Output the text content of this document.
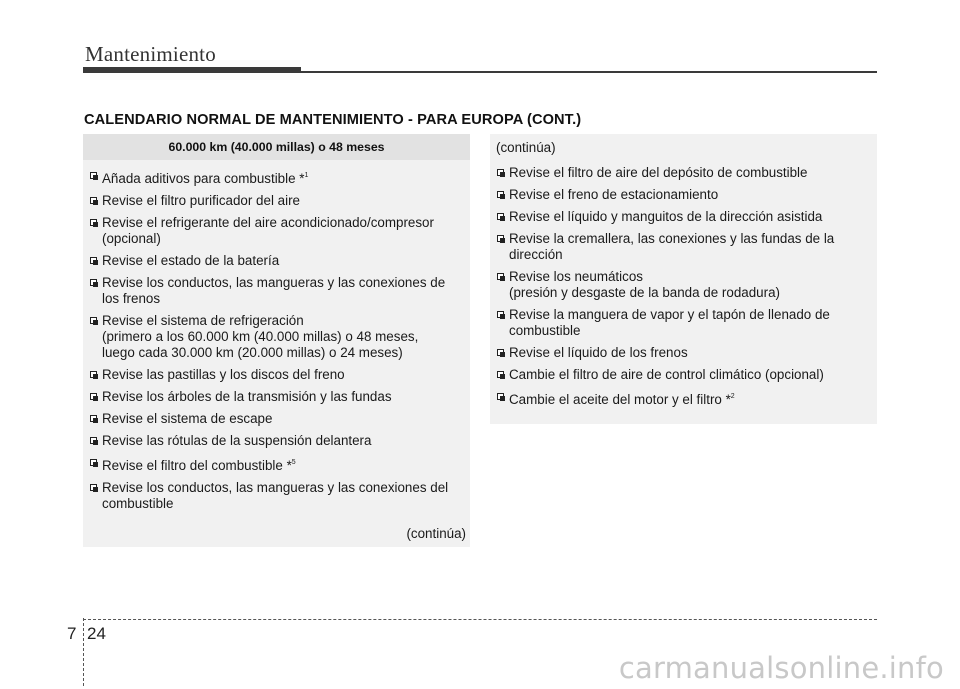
Mantenimiento
CALENDARIO NORMAL DE MANTENIMIENTO - PARA EUROPA (CONT.)
60.000 km (40.000 millas) o 48 meses
Añada aditivos para combustible *$^1$
Revise el filtro purificador del aire
Revise el refrigerante del aire acondicionado/compresor
(opcional)
Revise el estado de la batería
Revise los conductos, las mangueras y las conexiones de
los frenos
Revise el sistema de refrigeración
(primero a los 60.000 km (40.000 millas) o 48 meses,
luego cada 30.000 km (20.000 millas) o 24 meses)
Revise las pastillas y los discos del freno
Revise los árboles de la transmisión y las fundas
Revise el sistema de escape
Revise las rótulas de la suspensión delantera
Revise el filtro del combustible *$^5$
Revise los conductos, las mangueras y las conexiones del
combustible
(continúa)
(continúa)
Revise el filtro de aire del depósito de combustible
Revise el freno de estacionamiento
Revise el líquido y manguitos de la dirección asistida
Revise la cremallera, las conexiones y las fundas de la
dirección
Revise los neumáticos
(presión y desgaste de la banda de rodadura)
Revise la manguera de vapor y el tapón de llenado de
combustible
Revise el líquido de los frenos
Cambie el filtro de aire de control climático (opcional)
Cambie el aceite del motor y el filtro *$^2$
7 24
carmanualsonline.info
